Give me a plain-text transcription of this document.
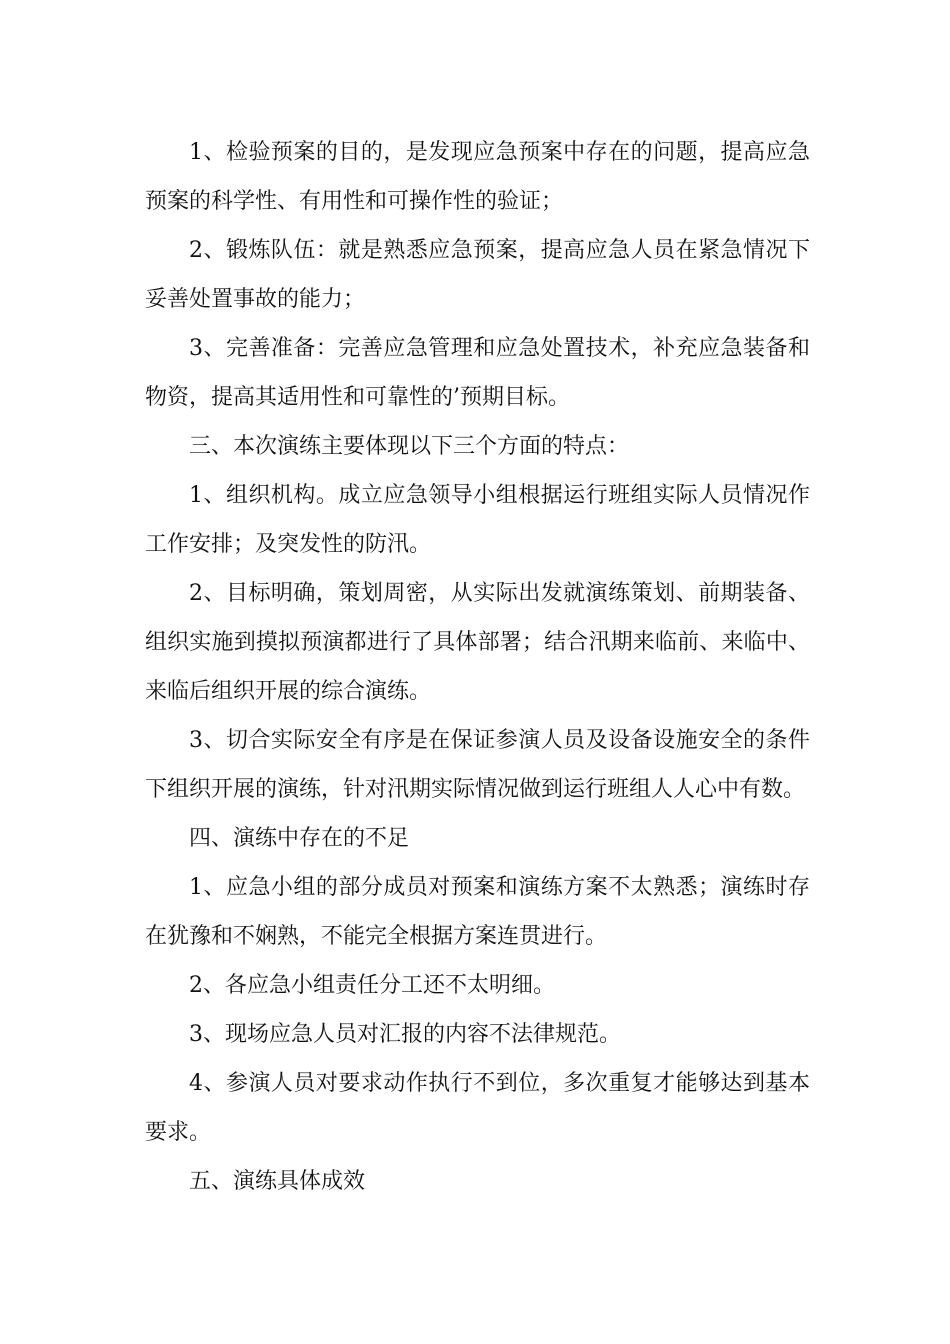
1、检验预案的目的，是发现应急预案中存在的问题，提高应急预案的科学性、有用性和可操作性的验证；

2、锻炼队伍：就是熟悉应急预案，提高应急人员在紧急情况下妥善处置事故的能力；

3、完善准备：完善应急管理和应急处置技术，补充应急装备和物资，提高其适用性和可靠性的’预期目标。

三、本次演练主要体现以下三个方面的特点：

1、组织机构。成立应急领导小组根据运行班组实际人员情况作工作安排；及突发性的防汛。

2、目标明确，策划周密，从实际出发就演练策划、前期装备、组织实施到摸拟预演都进行了具体部署；结合汛期来临前、来临中、来临后组织开展的综合演练。

3、切合实际安全有序是在保证参演人员及设备设施安全的条件下组织开展的演练，针对汛期实际情况做到运行班组人人心中有数。

四、演练中存在的不足

1、应急小组的部分成员对预案和演练方案不太熟悉；演练时存在犹豫和不娴熟，不能完全根据方案连贯进行。

2、各应急小组责任分工还不太明细。

3、现场应急人员对汇报的内容不法律规范。

4、参演人员对要求动作执行不到位，多次重复才能够达到基本要求。

五、演练具体成效
